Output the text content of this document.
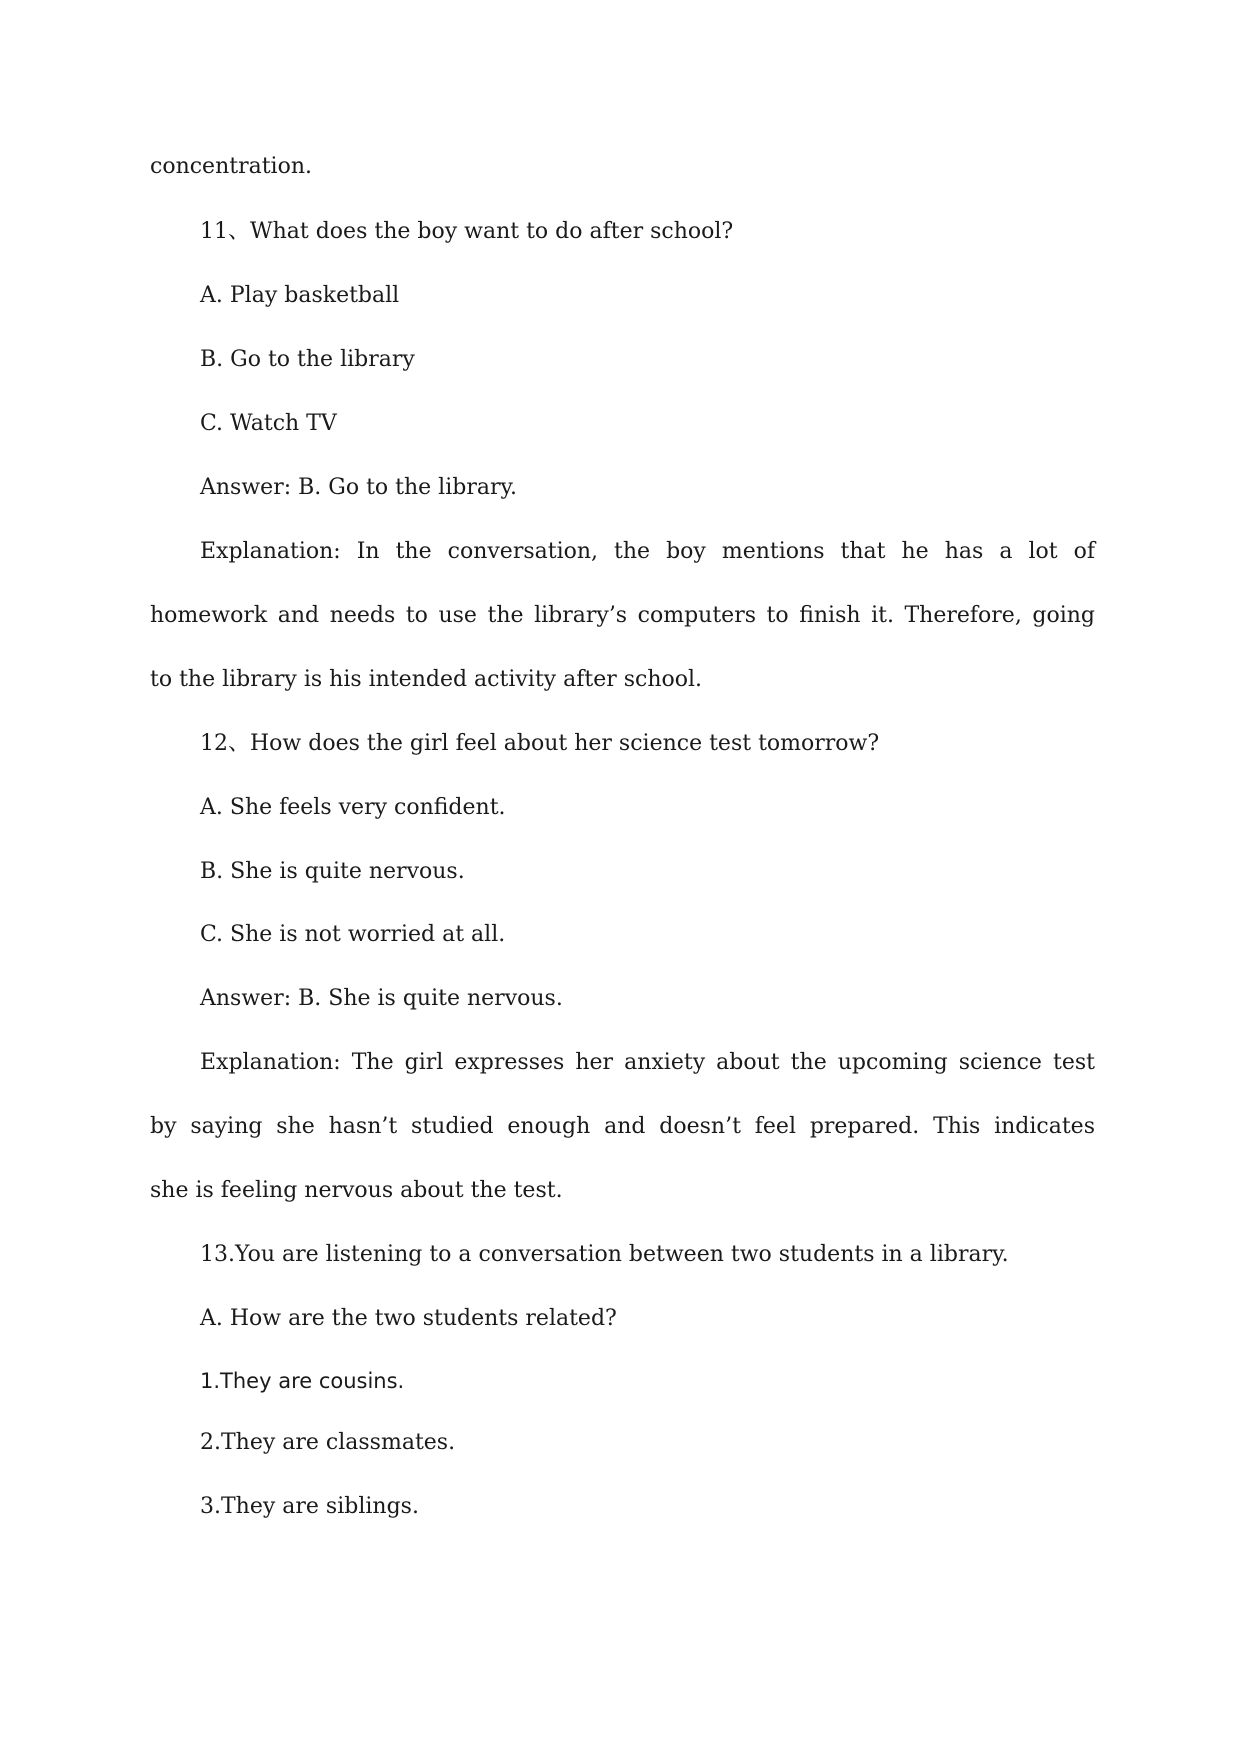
concentration.
11、What does the boy want to do after school?
A. Play basketball
B. Go to the library
C. Watch TV
Answer: B. Go to the library.
Explanation: In the conversation, the boy mentions that he has a lot of
homework and needs to use the library’s computers to finish it. Therefore, going
to the library is his intended activity after school.
12、How does the girl feel about her science test tomorrow?
A. She feels very confident.
B. She is quite nervous.
C. She is not worried at all.
Answer: B. She is quite nervous.
Explanation: The girl expresses her anxiety about the upcoming science test
by saying she hasn’t studied enough and doesn’t feel prepared. This indicates
she is feeling nervous about the test.
13.You are listening to a conversation between two students in a library.
A. How are the two students related?
1.They are cousins.
2.They are classmates.
3.They are siblings.
